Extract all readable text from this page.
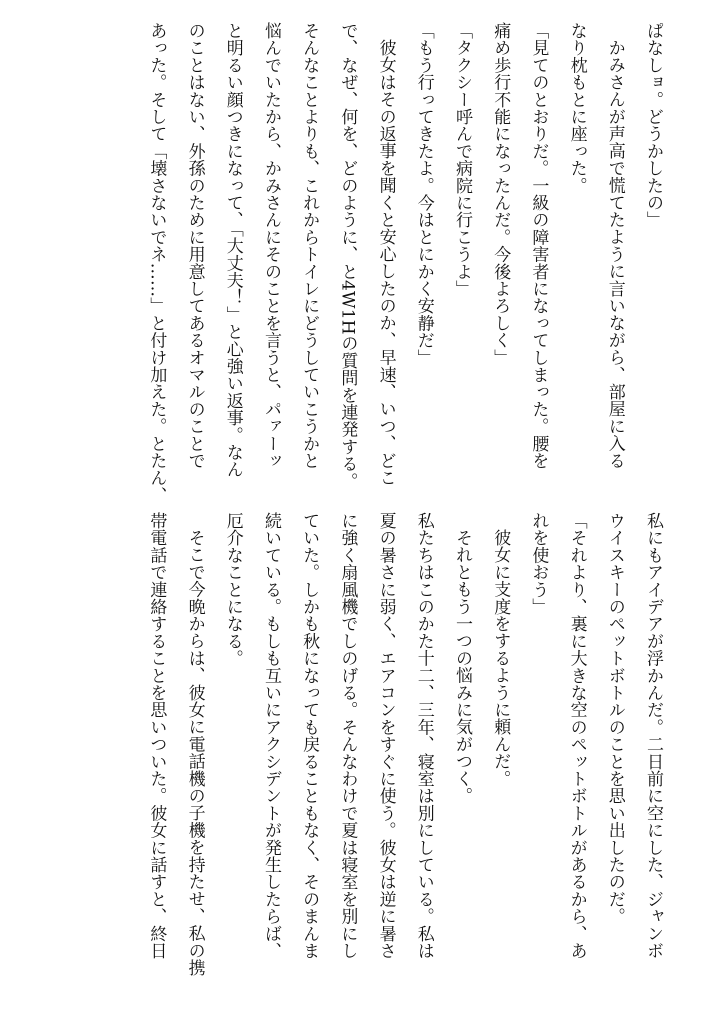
ぱなしョ。どうかしたの」
かみさんが声高で慌てたように言いながら、部屋に入る
なり枕もとに座った。
「見てのとおりだ。一級の障害者になってしまった。腰を
痛め歩行不能になったんだ。今後よろしく」
「タクシー呼んで病院に行こうよ」
「もう行ってきたよ。今はとにかく安静だ」
彼女はその返事を聞くと安心したのか、早速、いつ、どこ
で、なぜ、何を、どのように、と4W1Hの質問を連発する。
そんなことよりも、これからトイレにどうしていこうかと
悩んでいたから、かみさんにそのことを言うと、パァーッ
と明るい顔つきになって、「大丈夫！」と心強い返事。なん
のことはない、外孫のために用意してあるオマルのことで
あった。そして「壊さないでネ……」と付け加えた。とたん、
私にもアイデアが浮かんだ。二日前に空にした、ジャンボ
ウイスキーのペットボトルのことを思い出したのだ。
「それより、裏に大きな空のペットボトルがあるから、あ
れを使おう」
彼女に支度をするように頼んだ。
それともう一つの悩みに気がつく。
私たちはこのかた十二、三年、寝室は別にしている。私は
夏の暑さに弱く、エアコンをすぐに使う。彼女は逆に暑さ
に強く扇風機でしのげる。そんなわけで夏は寝室を別にし
ていた。しかも秋になっても戻ることもなく、そのまんま
続いている。もしも互いにアクシデントが発生したらば、
厄介なことになる。
そこで今晩からは、彼女に電話機の子機を持たせ、私の携
帯電話で連絡することを思いついた。彼女に話すと、終日
